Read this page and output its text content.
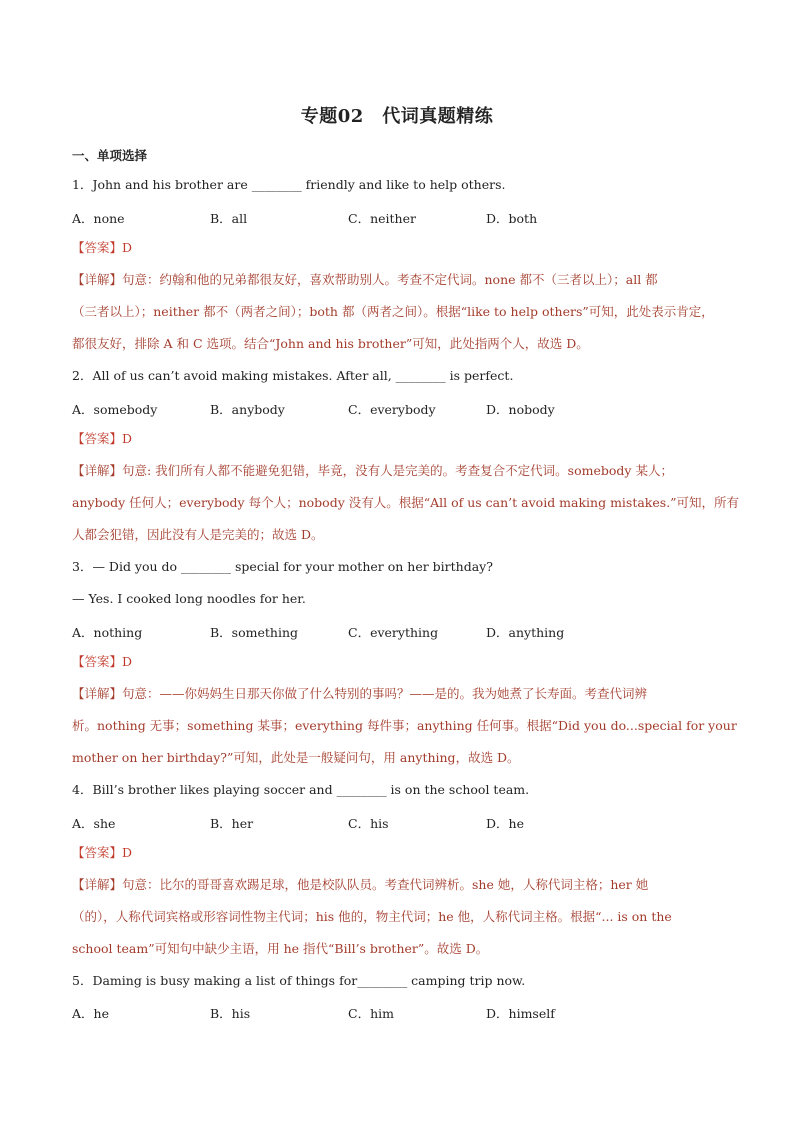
专题02　代词真题精练
一、单项选择
1．John and his brother are ________ friendly and like to help others.
A．none	B．all	C．neither	D．both
【答案】D
【详解】句意：约翰和他的兄弟都很友好，喜欢帮助别人。考查不定代词。none 都不（三者以上）；all 都
（三者以上）；neither 都不（两者之间）；both 都（两者之间）。根据“like to help others”可知，此处表示肯定，
都很友好，排除 A 和 C 选项。结合“John and his brother”可知，此处指两个人，故选 D。
2．All of us can’t avoid making mistakes. After all, ________ is perfect.
A．somebody	B．anybody	C．everybody	D．nobody
【答案】D
【详解】句意: 我们所有人都不能避免犯错，毕竟，没有人是完美的。考查复合不定代词。somebody 某人；
anybody 任何人；everybody 每个人；nobody 没有人。根据“All of us can’t avoid making mistakes.”可知，所有
人都会犯错，因此没有人是完美的；故选 D。
3．— Did you do ________ special for your mother on her birthday?
— Yes. I cooked long noodles for her.
A．nothing	B．something	C．everything	D．anything
【答案】D
【详解】句意：——你妈妈生日那天你做了什么特别的事吗？——是的。我为她煮了长寿面。考查代词辨
析。nothing 无事；something 某事；everything 每件事；anything 任何事。根据“Did you do...special for your
mother on her birthday?”可知，此处是一般疑问句，用 anything，故选 D。
4．Bill’s brother likes playing soccer and ________ is on the school team.
A．she	B．her	C．his	D．he
【答案】D
【详解】句意：比尔的哥哥喜欢踢足球，他是校队队员。考查代词辨析。she 她，人称代词主格；her 她
（的），人称代词宾格或形容词性物主代词；his 他的，物主代词；he 他，人称代词主格。根据“... is on the
school team”可知句中缺少主语，用 he 指代“Bill’s brother”。故选 D。
5．Daming is busy making a list of things for________ camping trip now.
A．he	B．his	C．him	D．himself
